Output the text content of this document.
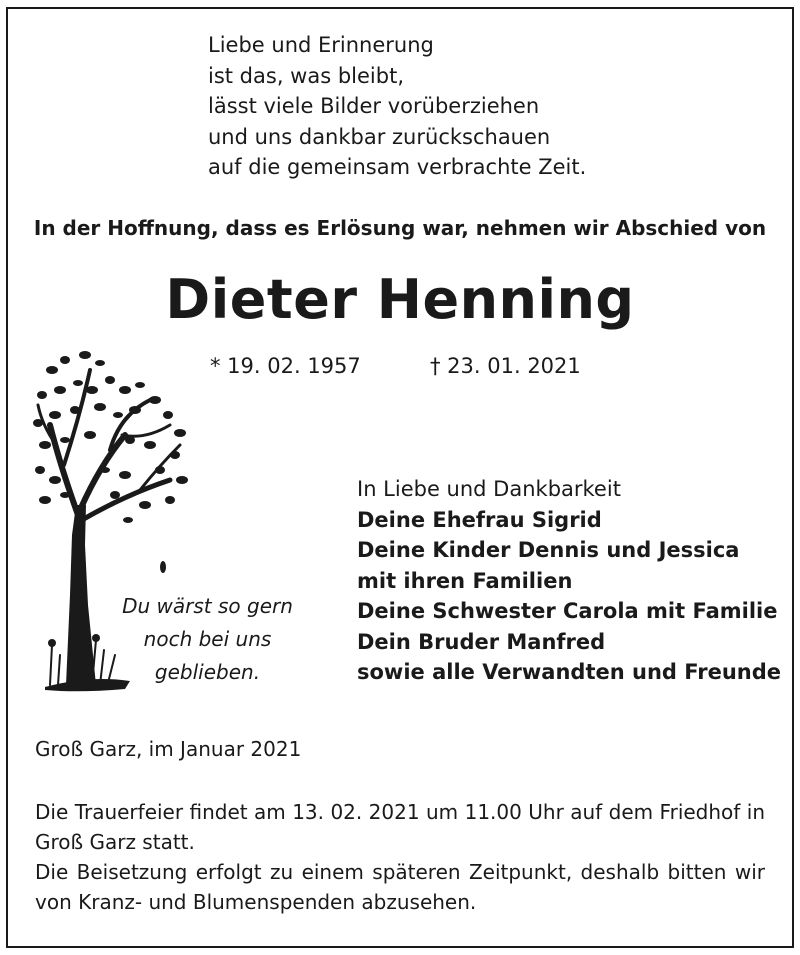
Liebe und Erinnerung
ist das, was bleibt,
lässt viele Bilder vorüberziehen
und uns dankbar zurückschauen
auf die gemeinsam verbrachte Zeit.
In der Hoffnung, dass es Erlösung war, nehmen wir Abschied von
Dieter Henning
* 19. 02. 1957	† 23. 01. 2021
Du wärst so gern
noch bei uns
geblieben.
In Liebe und Dankbarkeit
Deine Ehefrau Sigrid
Deine Kinder Dennis und Jessica
mit ihren Familien
Deine Schwester Carola mit Familie
Dein Bruder Manfred
sowie alle Verwandten und Freunde
Groß Garz, im Januar 2021

Die Trauerfeier findet am 13. 02. 2021 um 11.00 Uhr auf dem Friedhof in Groß Garz statt.

Die Beisetzung erfolgt zu einem späteren Zeitpunkt, deshalb bitten wir von Kranz- und Blumenspenden abzusehen.
